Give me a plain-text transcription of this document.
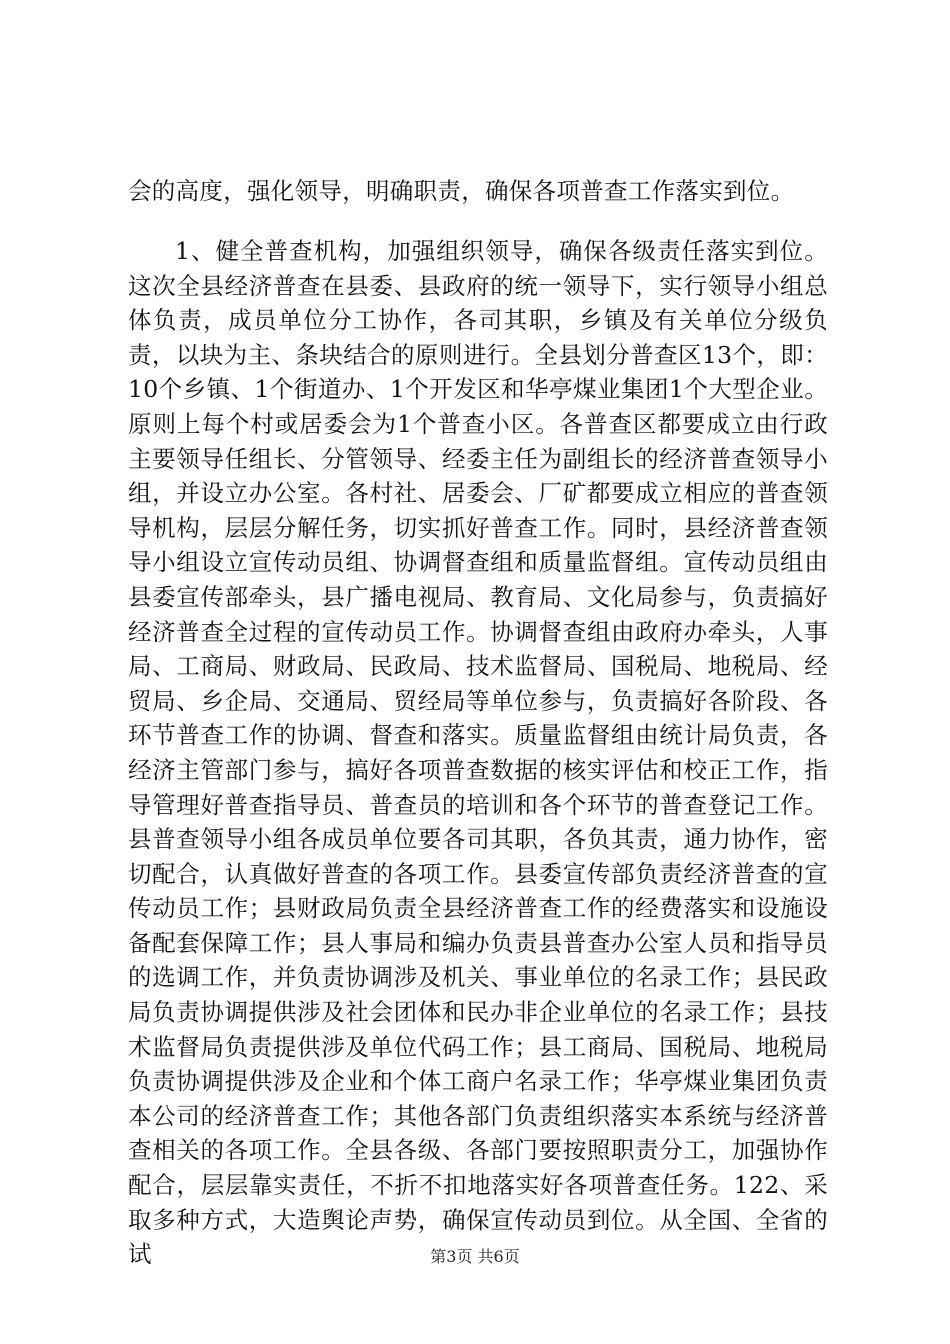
会的高度，强化领导，明确职责，确保各项普查工作落实到位。

1、健全普查机构，加强组织领导，确保各级责任落实到位。这次全县经济普查在县委、县政府的统一领导下，实行领导小组总体负责，成员单位分工协作，各司其职，乡镇及有关单位分级负责，以块为主、条块结合的原则进行。全县划分普查区13个，即：10个乡镇、1个街道办、1个开发区和华亭煤业集团1个大型企业。原则上每个村或居委会为1个普查小区。各普查区都要成立由行政主要领导任组长、分管领导、经委主任为副组长的经济普查领导小组，并设立办公室。各村社、居委会、厂矿都要成立相应的普查领导机构，层层分解任务，切实抓好普查工作。同时，县经济普查领导小组设立宣传动员组、协调督查组和质量监督组。宣传动员组由县委宣传部牵头，县广播电视局、教育局、文化局参与，负责搞好经济普查全过程的宣传动员工作。协调督查组由政府办牵头，人事局、工商局、财政局、民政局、技术监督局、国税局、地税局、经贸局、乡企局、交通局、贸经局等单位参与，负责搞好各阶段、各环节普查工作的协调、督查和落实。质量监督组由统计局负责，各经济主管部门参与，搞好各项普查数据的核实评估和校正工作，指导管理好普查指导员、普查员的培训和各个环节的普查登记工作。县普查领导小组各成员单位要各司其职，各负其责，通力协作，密切配合，认真做好普查的各项工作。县委宣传部负责经济普查的宣传动员工作；县财政局负责全县经济普查工作的经费落实和设施设备配套保障工作；县人事局和编办负责县普查办公室人员和指导员的选调工作，并负责协调涉及机关、事业单位的名录工作；县民政局负责协调提供涉及社会团体和民办非企业单位的名录工作；县技术监督局负责提供涉及单位代码工作；县工商局、国税局、地税局负责协调提供涉及企业和个体工商户名录工作；华亭煤业集团负责本公司的经济普查工作；其他各部门负责组织落实本系统与经济普查相关的各项工作。全县各级、各部门要按照职责分工，加强协作配合，层层靠实责任，不折不扣地落实好各项普查任务。122、采取多种方式，大造舆论声势，确保宣传动员到位。从全国、全省的试	第3页 共6页
